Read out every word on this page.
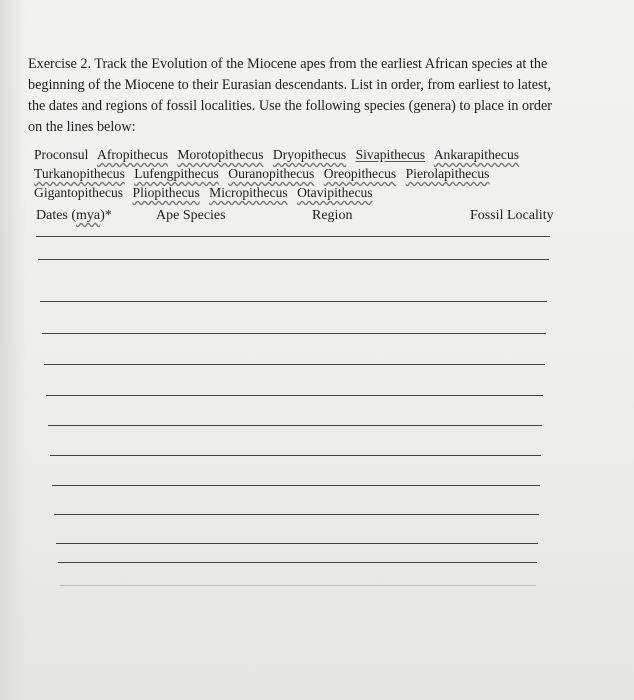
Exercise 2. Track the Evolution of the Miocene apes from the earliest African species at the beginning of the Miocene to their Eurasian descendants. List in order, from earliest to latest, the dates and regions of fossil localities. Use the following species (genera) to place in order on the lines below:

Proconsul Afropithecus Morotopithecus Dryopithecus Sivapithecus Ankarapithecus
Turkanopithecus Lufengpithecus Ouranopithecus Oreopithecus Pierolapithecus
Gigantopithecus Pliopithecus Micropithecus Otavipithecus
Dates (mya)*	Ape Species	Region	Fossil Locality
